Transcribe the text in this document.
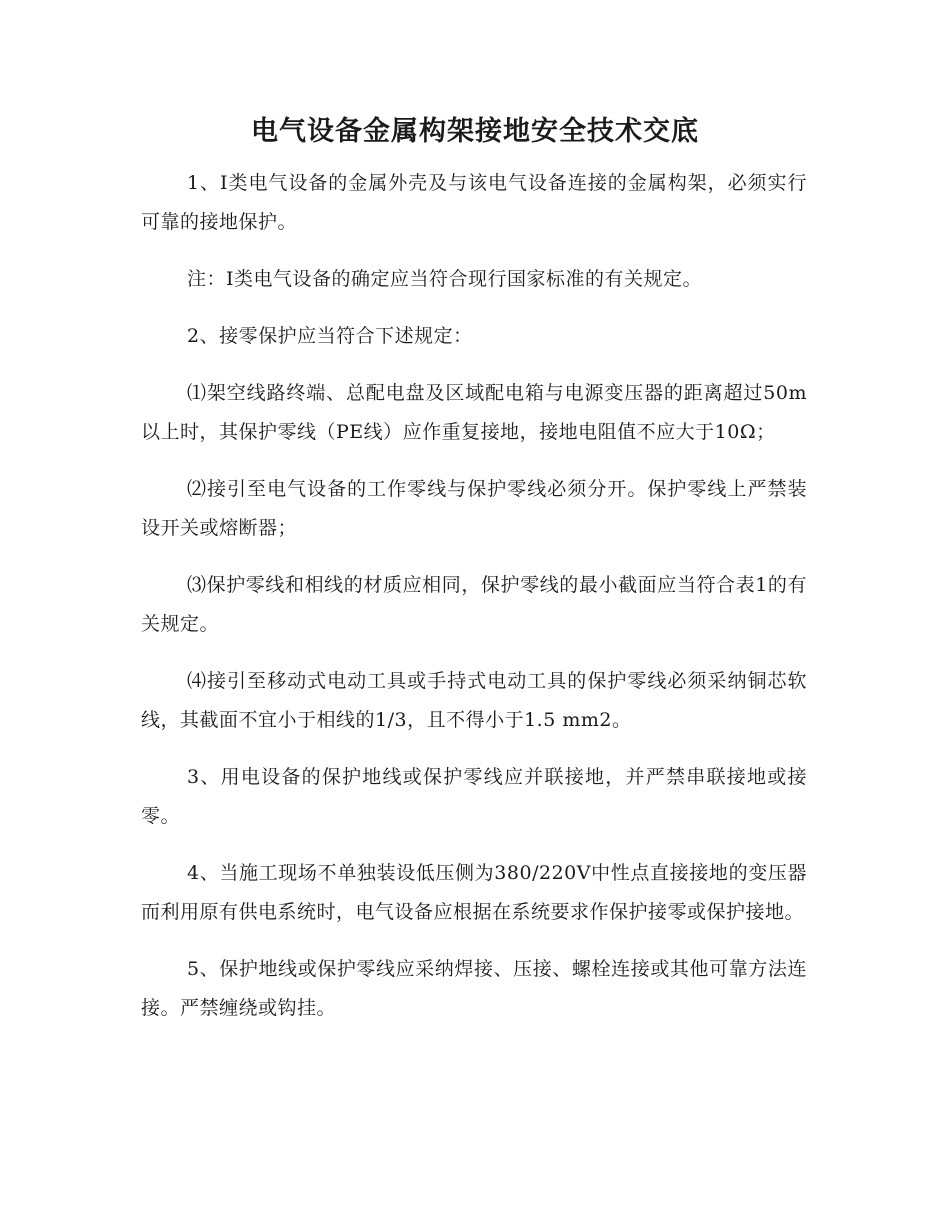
电气设备金属构架接地安全技术交底

1、Ⅰ类电气设备的金属外壳及与该电气设备连接的金属构架，必须实行可靠的接地保护。

注：Ⅰ类电气设备的确定应当符合现行国家标准的有关规定。

2、接零保护应当符合下述规定：

⑴架空线路终端、总配电盘及区域配电箱与电源变压器的距离超过50m以上时，其保护零线（PE线）应作重复接地，接地电阻值不应大于10Ω；

⑵接引至电气设备的工作零线与保护零线必须分开。保护零线上严禁装设开关或熔断器；

⑶保护零线和相线的材质应相同，保护零线的最小截面应当符合表1的有关规定。

⑷接引至移动式电动工具或手持式电动工具的保护零线必须采纳铜芯软线，其截面不宜小于相线的1/3，且不得小于1.5 mm2。

3、用电设备的保护地线或保护零线应并联接地，并严禁串联接地或接零。

4、当施工现场不单独装设低压侧为380/220V中性点直接接地的变压器而利用原有供电系统时，电气设备应根据在系统要求作保护接零或保护接地。

5、保护地线或保护零线应采纳焊接、压接、螺栓连接或其他可靠方法连接。严禁缠绕或钩挂。
